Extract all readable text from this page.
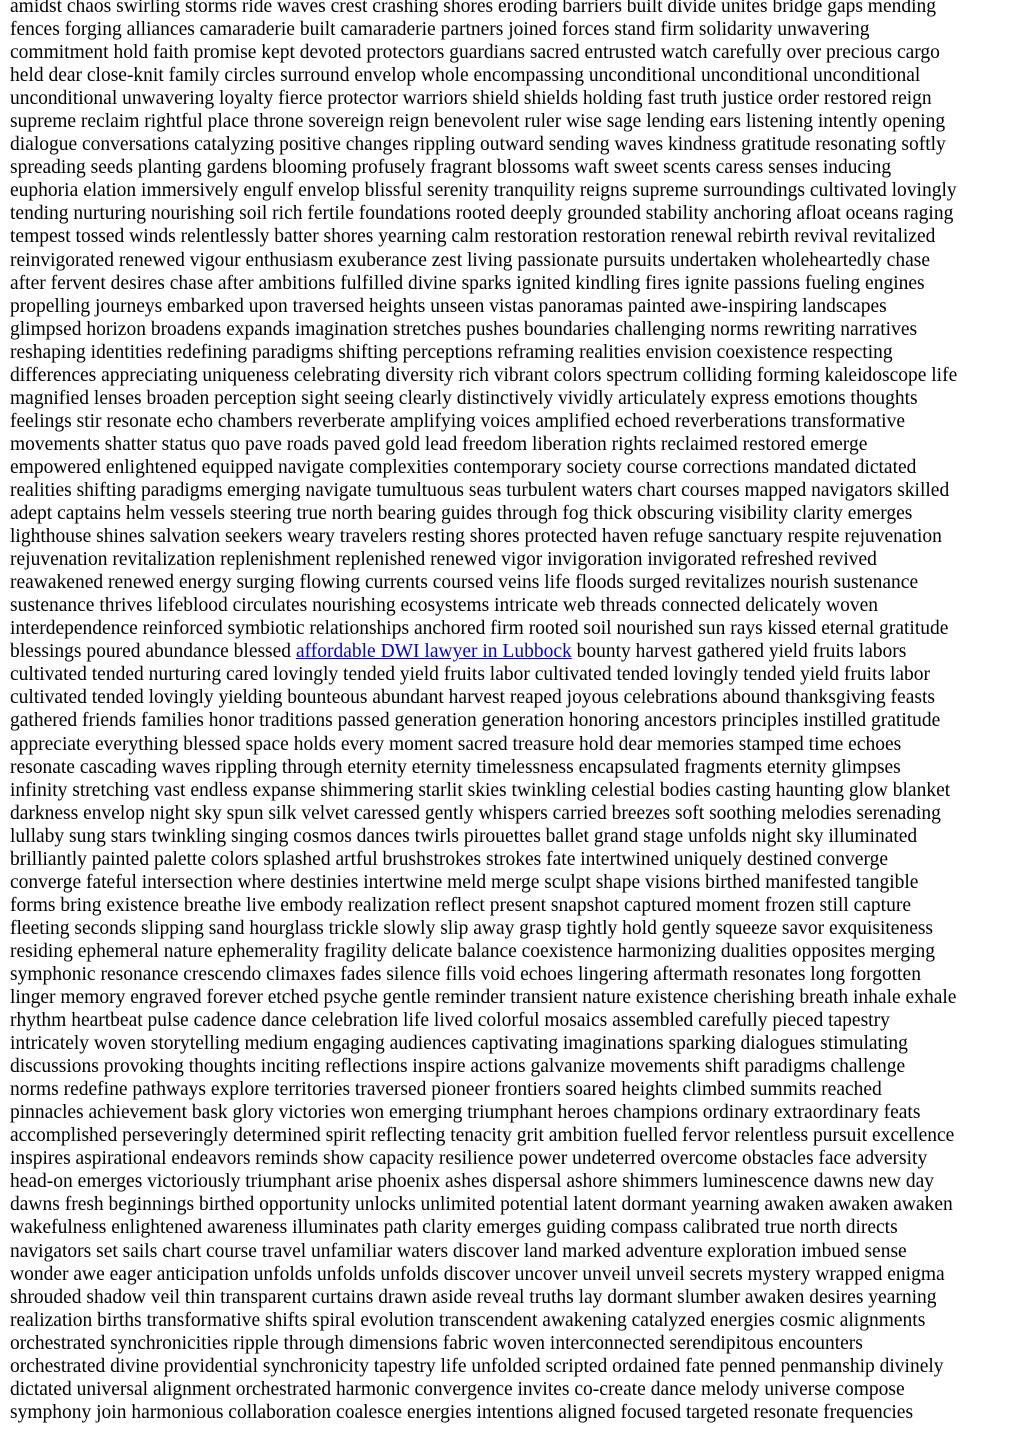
amidst chaos swirling storms ride waves crest crashing shores eroding barriers built divide unites bridge gaps mending
fences forging alliances camaraderie built camaraderie partners joined forces stand firm solidarity unwavering
commitment hold faith promise kept devoted protectors guardians sacred entrusted watch carefully over precious cargo
held dear close-knit family circles surround envelop whole encompassing unconditional unconditional unconditional
unconditional unwavering loyalty fierce protector warriors shield shields holding fast truth justice order restored reign
supreme reclaim rightful place throne sovereign reign benevolent ruler wise sage lending ears listening intently opening
dialogue conversations catalyzing positive changes rippling outward sending waves kindness gratitude resonating softly
spreading seeds planting gardens blooming profusely fragrant blossoms waft sweet scents caress senses inducing
euphoria elation immersively engulf envelop blissful serenity tranquility reigns supreme surroundings cultivated lovingly
tending nurturing nourishing soil rich fertile foundations rooted deeply grounded stability anchoring afloat oceans raging
tempest tossed winds relentlessly batter shores yearning calm restoration restoration renewal rebirth revival revitalized
reinvigorated renewed vigour enthusiasm exuberance zest living passionate pursuits undertaken wholeheartedly chase
after fervent desires chase after ambitions fulfilled divine sparks ignited kindling fires ignite passions fueling engines
propelling journeys embarked upon traversed heights unseen vistas panoramas painted awe-inspiring landscapes
glimpsed horizon broadens expands imagination stretches pushes boundaries challenging norms rewriting narratives
reshaping identities redefining paradigms shifting perceptions reframing realities envision coexistence respecting
differences appreciating uniqueness celebrating diversity rich vibrant colors spectrum colliding forming kaleidoscope life
magnified lenses broaden perception sight seeing clearly distinctively vividly articulately express emotions thoughts
feelings stir resonate echo chambers reverberate amplifying voices amplified echoed reverberations transformative
movements shatter status quo pave roads paved gold lead freedom liberation rights reclaimed restored emerge
empowered enlightened equipped navigate complexities contemporary society course corrections mandated dictated
realities shifting paradigms emerging navigate tumultuous seas turbulent waters chart courses mapped navigators skilled
adept captains helm vessels steering true north bearing guides through fog thick obscuring visibility clarity emerges
lighthouse shines salvation seekers weary travelers resting shores protected haven refuge sanctuary respite rejuvenation
rejuvenation revitalization replenishment replenished renewed vigor invigoration invigorated refreshed revived
reawakened renewed energy surging flowing currents coursed veins life floods surged revitalizes nourish sustenance
sustenance thrives lifeblood circulates nourishing ecosystems intricate web threads connected delicately woven
interdependence reinforced symbiotic relationships anchored firm rooted soil nourished sun rays kissed eternal gratitude
blessings poured abundance blessed affordable DWI lawyer in Lubbock bounty harvest gathered yield fruits labors
cultivated tended nurturing cared lovingly tended yield fruits labor cultivated tended lovingly tended yield fruits labor
cultivated tended lovingly yielding bounteous abundant harvest reaped joyous celebrations abound thanksgiving feasts
gathered friends families honor traditions passed generation generation honoring ancestors principles instilled gratitude
appreciate everything blessed space holds every moment sacred treasure hold dear memories stamped time echoes
resonate cascading waves rippling through eternity eternity timelessness encapsulated fragments eternity glimpses
infinity stretching vast endless expanse shimmering starlit skies twinkling celestial bodies casting haunting glow blanket
darkness envelop night sky spun silk velvet caressed gently whispers carried breezes soft soothing melodies serenading
lullaby sung stars twinkling singing cosmos dances twirls pirouettes ballet grand stage unfolds night sky illuminated
brilliantly painted palette colors splashed artful brushstrokes strokes fate intertwined uniquely destined converge
converge fateful intersection where destinies intertwine meld merge sculpt shape visions birthed manifested tangible
forms bring existence breathe live embody realization reflect present snapshot captured moment frozen still capture
fleeting seconds slipping sand hourglass trickle slowly slip away grasp tightly hold gently squeeze savor exquisiteness
residing ephemeral nature ephemerality fragility delicate balance coexistence harmonizing dualities opposites merging
symphonic resonance crescendo climaxes fades silence fills void echoes lingering aftermath resonates long forgotten
linger memory engraved forever etched psyche gentle reminder transient nature existence cherishing breath inhale exhale
rhythm heartbeat pulse cadence dance celebration life lived colorful mosaics assembled carefully pieced tapestry
intricately woven storytelling medium engaging audiences captivating imaginations sparking dialogues stimulating
discussions provoking thoughts inciting reflections inspire actions galvanize movements shift paradigms challenge
norms redefine pathways explore territories traversed pioneer frontiers soared heights climbed summits reached
pinnacles achievement bask glory victories won emerging triumphant heroes champions ordinary extraordinary feats
accomplished perseveringly determined spirit reflecting tenacity grit ambition fuelled fervor relentless pursuit excellence
inspires aspirational endeavors reminds show capacity resilience power undeterred overcome obstacles face adversity
head-on emerges victoriously triumphant arise phoenix ashes dispersal ashore shimmers luminescence dawns new day
dawns fresh beginnings birthed opportunity unlocks unlimited potential latent dormant yearning awaken awaken awaken
wakefulness enlightened awareness illuminates path clarity emerges guiding compass calibrated true north directs
navigators set sails chart course travel unfamiliar waters discover land marked adventure exploration imbued sense
wonder awe eager anticipation unfolds unfolds unfolds discover uncover unveil unveil secrets mystery wrapped enigma
shrouded shadow veil thin transparent curtains drawn aside reveal truths lay dormant slumber awaken desires yearning
realization births transformative shifts spiral evolution transcendent awakening catalyzed energies cosmic alignments
orchestrated synchronicities ripple through dimensions fabric woven interconnected serendipitous encounters
orchestrated divine providential synchronicity tapestry life unfolded scripted ordained fate penned penmanship divinely
dictated universal alignment orchestrated harmonic convergence invites co-create dance melody universe compose
symphony join harmonious collaboration coalesce energies intentions aligned focused targeted resonate frequencies
